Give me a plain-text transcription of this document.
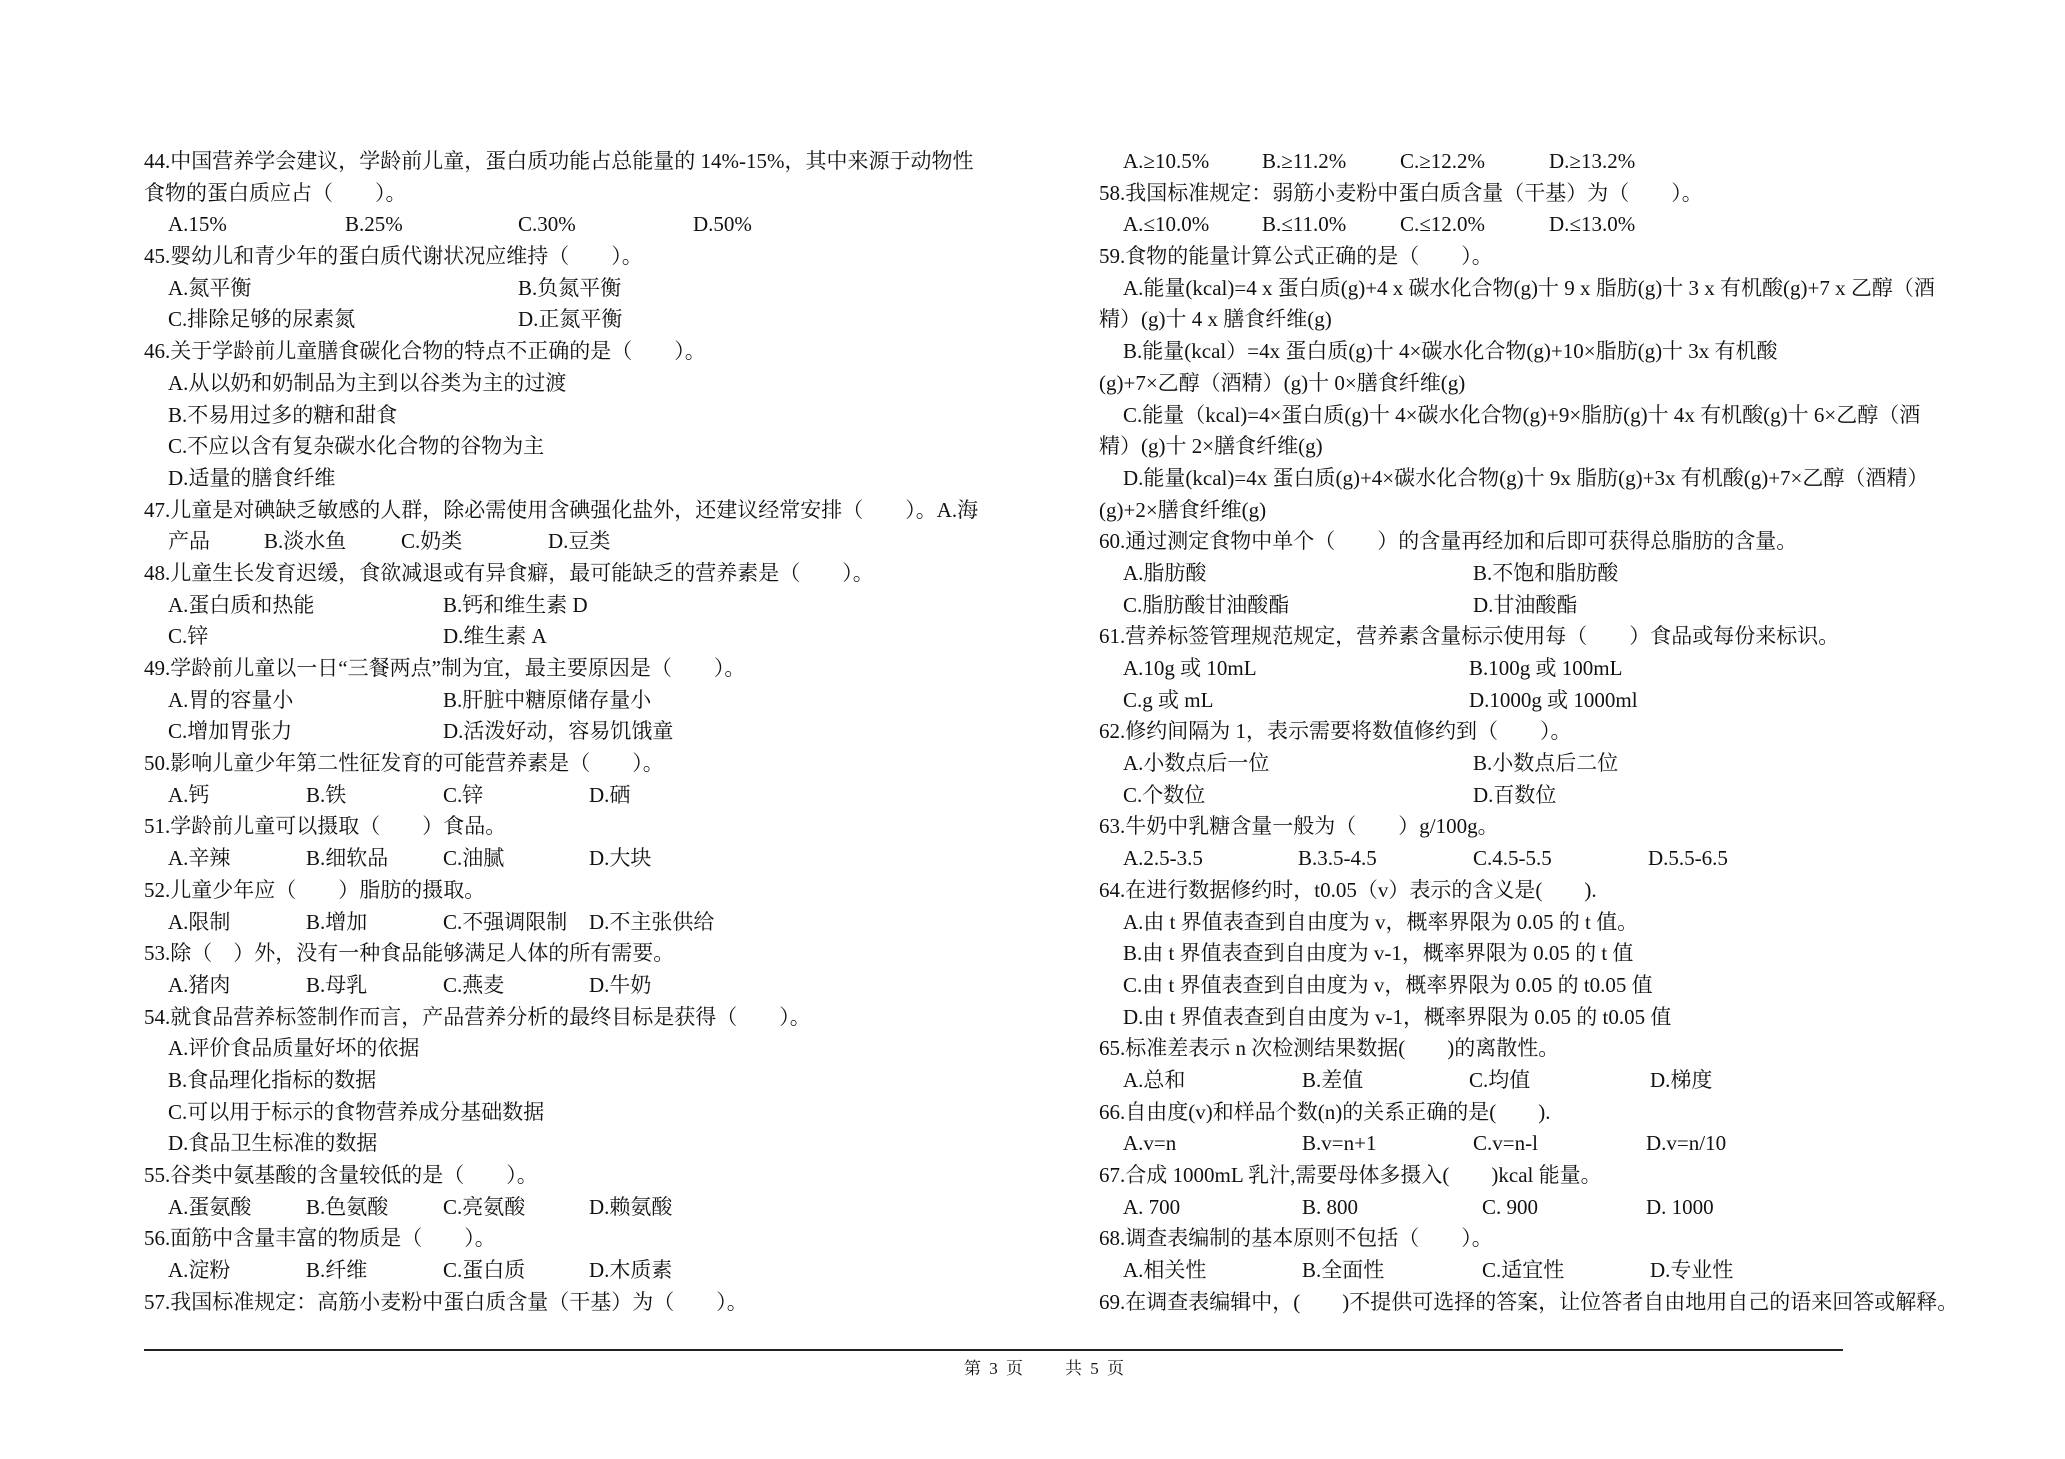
44.中国营养学会建议，学龄前儿童，蛋白质功能占总能量的 14%-15%，其中来源于动物性
食物的蛋白质应占（　　）。
A.15%	B.25%	C.30%	D.50%
45.婴幼儿和青少年的蛋白质代谢状况应维持（　　）。
A.氮平衡	B.负氮平衡
C.排除足够的尿素氮	D.正氮平衡
46.关于学龄前儿童膳食碳化合物的特点不正确的是（　　）。
A.从以奶和奶制品为主到以谷类为主的过渡
B.不易用过多的糖和甜食
C.不应以含有复杂碳水化合物的谷物为主
D.适量的膳食纤维
47.儿童是对碘缺乏敏感的人群，除必需使用含碘强化盐外，还建议经常安排（　　）。A.海
产品	B.淡水鱼	C.奶类	D.豆类
48.儿童生长发育迟缓，食欲减退或有异食癖，最可能缺乏的营养素是（　　）。
A.蛋白质和热能	B.钙和维生素 D
C.锌	D.维生素 A
49.学龄前儿童以一日“三餐两点”制为宜，最主要原因是（　　）。
A.胃的容量小	B.肝脏中糖原储存量小
C.增加胃张力	D.活泼好动，容易饥饿童
50.影响儿童少年第二性征发育的可能营养素是（　　）。
A.钙	B.铁	C.锌	D.硒
51.学龄前儿童可以摄取（　　）食品。
A.辛辣	B.细软品	C.油腻	D.大块
52.儿童少年应（　　）脂肪的摄取。
A.限制	B.增加	C.不强调限制 D.不主张供给
53.除（　）外，没有一种食品能够满足人体的所有需要。
A.猪肉	B.母乳	C.燕麦	D.牛奶
54.就食品营养标签制作而言，产品营养分析的最终目标是获得（　　）。
A.评价食品质量好坏的依据
B.食品理化指标的数据
C.可以用于标示的食物营养成分基础数据
D.食品卫生标准的数据
55.谷类中氨基酸的含量较低的是（　　）。
A.蛋氨酸	B.色氨酸	C.亮氨酸	D.赖氨酸
56.面筋中含量丰富的物质是（　　）。
A.淀粉	B.纤维	C.蛋白质	D.木质素
57.我国标准规定：高筋小麦粉中蛋白质含量（干基）为（　　）。
A.≥10.5%	B.≥11.2%	C.≥12.2%	D.≥13.2%
58.我国标准规定：弱筋小麦粉中蛋白质含量（干基）为（　　）。
A.≤10.0%	B.≤11.0%	C.≤12.0%	D.≤13.0%
59.食物的能量计算公式正确的是（　　）。
A.能量(kcal)=4 x 蛋白质(g)+4 x 碳水化合物(g)十 9 x 脂肪(g)十 3 x 有机酸(g)+7 x 乙醇（酒
精）(g)十 4 x 膳食纤维(g)
B.能量(kcal）=4x 蛋白质(g)十 4×碳水化合物(g)+10×脂肪(g)十 3x 有机酸
(g)+7×乙醇（酒精）(g)十 0×膳食纤维(g)
C.能量（kcal)=4×蛋白质(g)十 4×碳水化合物(g)+9×脂肪(g)十 4x 有机酸(g)十 6×乙醇（酒
精）(g)十 2×膳食纤维(g)
D.能量(kcal)=4x 蛋白质(g)+4×碳水化合物(g)十 9x 脂肪(g)+3x 有机酸(g)+7×乙醇（酒精）
(g)+2×膳食纤维(g)
60.通过测定食物中单个（　　）的含量再经加和后即可获得总脂肪的含量。
A.脂肪酸	B.不饱和脂肪酸
C.脂肪酸甘油酸酯	D.甘油酸酯
61.营养标签管理规范规定，营养素含量标示使用每（　　）食品或每份来标识。
A.10g 或 10mL	B.100g 或 100mL
C.g 或 mL	D.1000g 或 1000ml
62.修约间隔为 1，表示需要将数值修约到（　　）。
A.小数点后一位	B.小数点后二位
C.个数位	D.百数位
63.牛奶中乳糖含量一般为（　　）g/100g。
A.2.5-3.5	B.3.5-4.5	C.4.5-5.5	D.5.5-6.5
64.在进行数据修约时，t0.05（v）表示的含义是(　　).
A.由 t 界值表查到自由度为 v，概率界限为 0.05 的 t 值。
B.由 t 界值表查到自由度为 v-1，概率界限为 0.05 的 t 值
C.由 t 界值表查到自由度为 v，概率界限为 0.05 的 t0.05 值
D.由 t 界值表查到自由度为 v-1，概率界限为 0.05 的 t0.05 值
65.标准差表示 n 次检测结果数据(　　)的离散性。
A.总和	B.差值	C.均值	D.梯度
66.自由度(v)和样品个数(n)的关系正确的是(　　).
A.v=n	B.v=n+1	C.v=n-l	D.v=n/10
67.合成 1000mL 乳汁,需要母体多摄入(　　)kcal 能量。
A. 700	B. 800	C. 900	D. 1000
68.调查表编制的基本原则不包括（　　）。
A.相关性	B.全面性	C.适宜性	D.专业性
69.在调查表编辑中，(　　)不提供可选择的答案，让位答者自由地用自己的语来回答或解释。
第 3 页 共 5 页
